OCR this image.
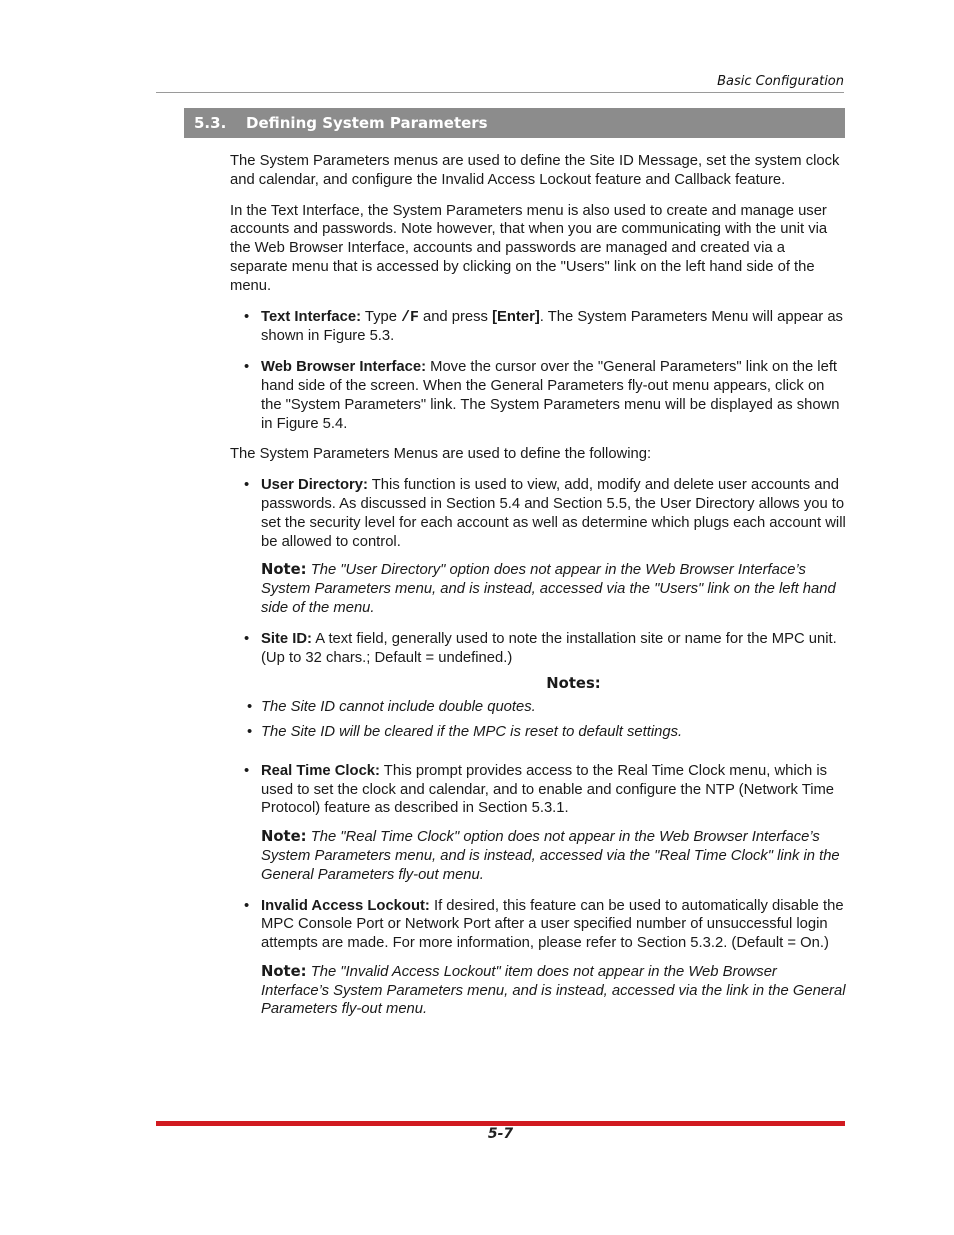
Basic Configuration
5.3. Defining System Parameters

The System Parameters menus are used to define the Site ID Message, set the system clock and calendar, and configure the Invalid Access Lockout feature and Callback feature.

In the Text Interface, the System Parameters menu is also used to create and manage user accounts and passwords. Note however, that when you are communicating with the unit via the Web Browser Interface, accounts and passwords are managed and created via a separate menu that is accessed by clicking on the "Users" link on the left hand side of the menu.

• Text Interface: Type /F and press [Enter]. The System Parameters Menu will appear as shown in Figure 5.3.
• Web Browser Interface: Move the cursor over the "General Parameters" link on the left hand side of the screen. When the General Parameters fly-out menu appears, click on the "System Parameters" link. The System Parameters menu will be displayed as shown in Figure 5.4.

The System Parameters Menus are used to define the following:

• User Directory: This function is used to view, add, modify and delete user accounts and passwords. As discussed in Section 5.4 and Section 5.5, the User Directory allows you to set the security level for each account as well as determine which plugs each account will be allowed to control.

Note: The "User Directory" option does not appear in the Web Browser Interface’s System Parameters menu, and is instead, accessed via the "Users" link on the left hand side of the menu.

• Site ID: A text field, generally used to note the installation site or name for the MPC unit. (Up to 32 chars.; Default = undefined.)

Notes:

• The Site ID cannot include double quotes.
• The Site ID will be cleared if the MPC is reset to default settings.
• Real Time Clock: This prompt provides access to the Real Time Clock menu, which is used to set the clock and calendar, and to enable and configure the NTP (Network Time Protocol) feature as described in Section 5.3.1.

Note: The "Real Time Clock" option does not appear in the Web Browser Interface’s System Parameters menu, and is instead, accessed via the "Real Time Clock" link in the General Parameters fly-out menu.

• Invalid Access Lockout: If desired, this feature can be used to automatically disable the MPC Console Port or Network Port after a user specified number of unsuccessful login attempts are made. For more information, please refer to Section 5.3.2. (Default = On.)

Note: The "Invalid Access Lockout" item does not appear in the Web Browser Interface’s System Parameters menu, and is instead, accessed via the link in the General Parameters fly-out menu.

5-7
